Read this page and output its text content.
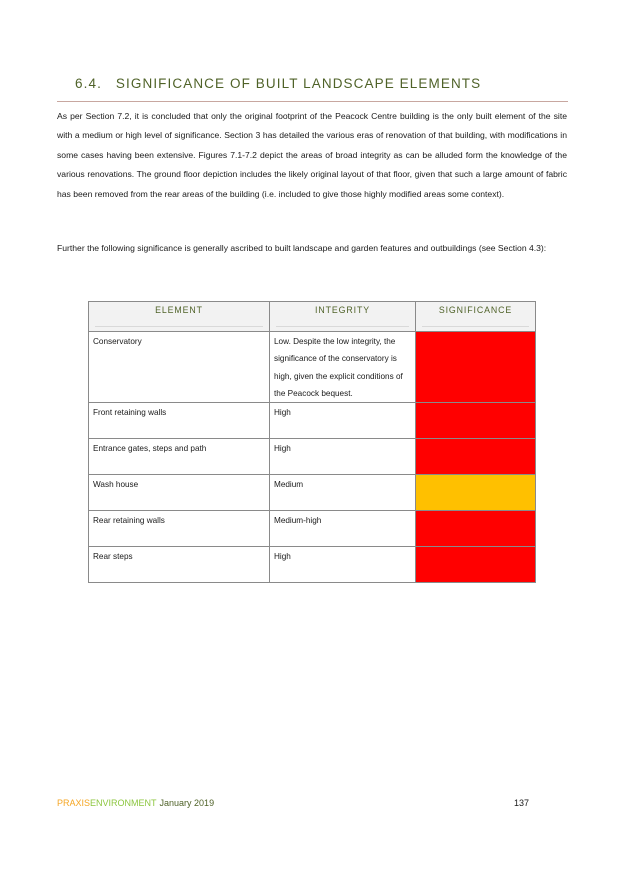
6.4. SIGNIFICANCE OF BUILT LANDSCAPE ELEMENTS

As per Section 7.2, it is concluded that only the original footprint of the Peacock Centre building is the only built element of the site with a medium or high level of significance. Section 3 has detailed the various eras of renovation of that building, with modifications in some cases having been extensive. Figures 7.1-7.2 depict the areas of broad integrity as can be alluded form the knowledge of the various renovations. The ground floor depiction includes the likely original layout of that floor, given that such a large amount of fabric has been removed from the rear areas of the building (i.e. included to give those highly modified areas some context).

Further the following significance is generally ascribed to built landscape and garden features and outbuildings (see Section 4.3):

ELEMENT	INTEGRITY	SIGNIFICANCE

Conservatory	Low. Despite the low integrity, the significance of the conservatory is high, given the explicit conditions of the Peacock bequest.	
Front retaining walls	High	
Entrance gates, steps and path	High	
Wash house	Medium	
Rear retaining walls	Medium-high	
Rear steps	High	
PRAXISENVIRONMENT January 2019	137
